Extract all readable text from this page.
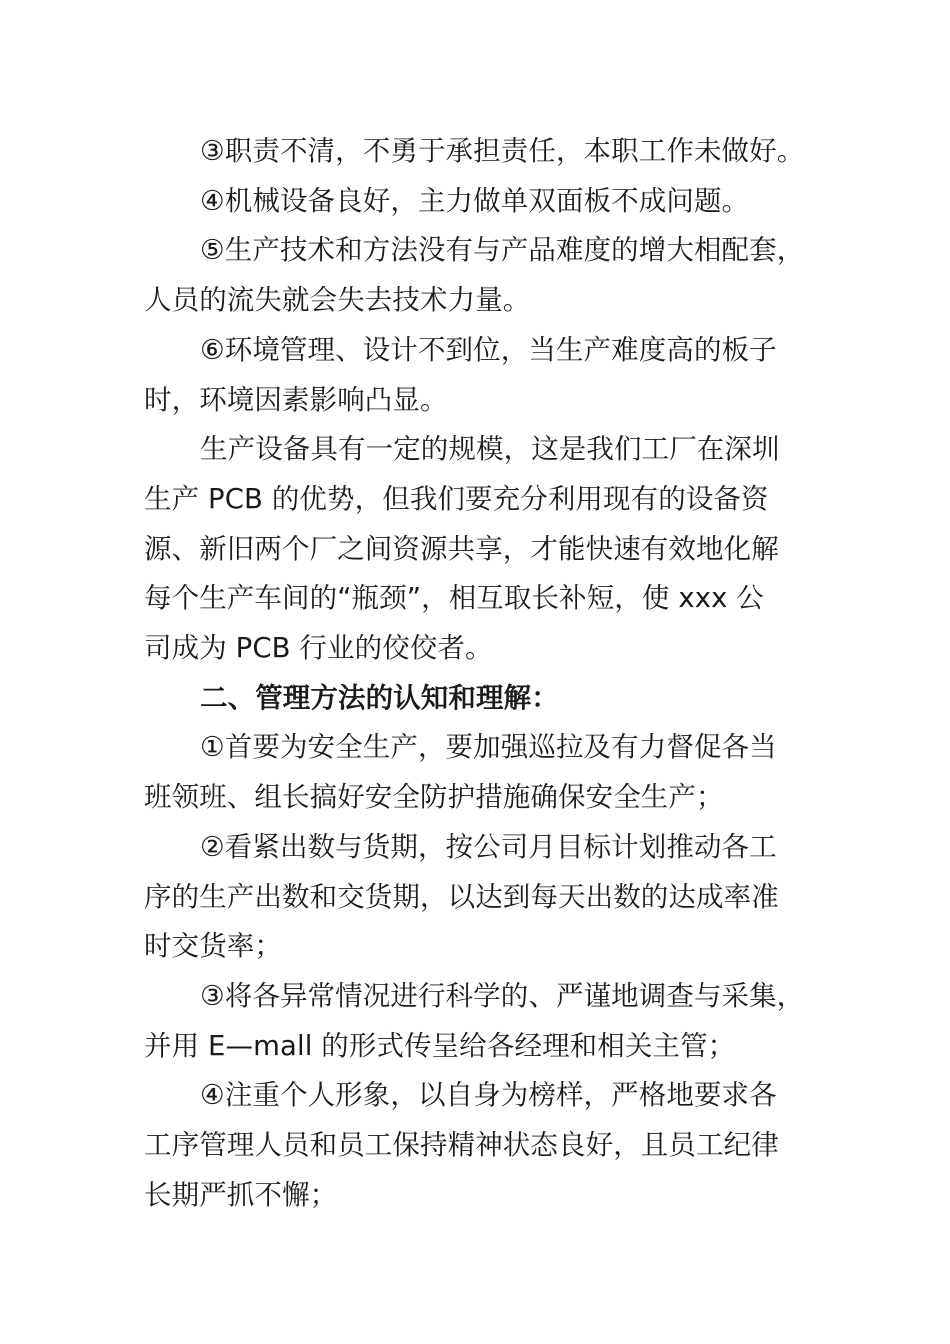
③职责不清，不勇于承担责任，本职工作未做好。

④机械设备良好，主力做单双面板不成问题。

⑤生产技术和方法没有与产品难度的增大相配套，
人员的流失就会失去技术力量。

⑥环境管理、设计不到位，当生产难度高的板子
时，环境因素影响凸显。

生产设备具有一定的规模，这是我们工厂在深圳
生产 PCB 的优势，但我们要充分利用现有的设备资
源、新旧两个厂之间资源共享，才能快速有效地化解
每个生产车间的“瓶颈”，相互取长补短，使 xxx 公
司成为 PCB 行业的佼佼者。

二、管理方法的认知和理解：

①首要为安全生产，要加强巡拉及有力督促各当
班领班、组长搞好安全防护措施确保安全生产；

②看紧出数与货期，按公司月目标计划推动各工
序的生产出数和交货期，以达到每天出数的达成率准
时交货率；

③将各异常情况进行科学的、严谨地调查与采集，
并用 E—mall 的形式传呈给各经理和相关主管；

④注重个人形象，以自身为榜样，严格地要求各
工序管理人员和员工保持精神状态良好，且员工纪律
长期严抓不懈；
